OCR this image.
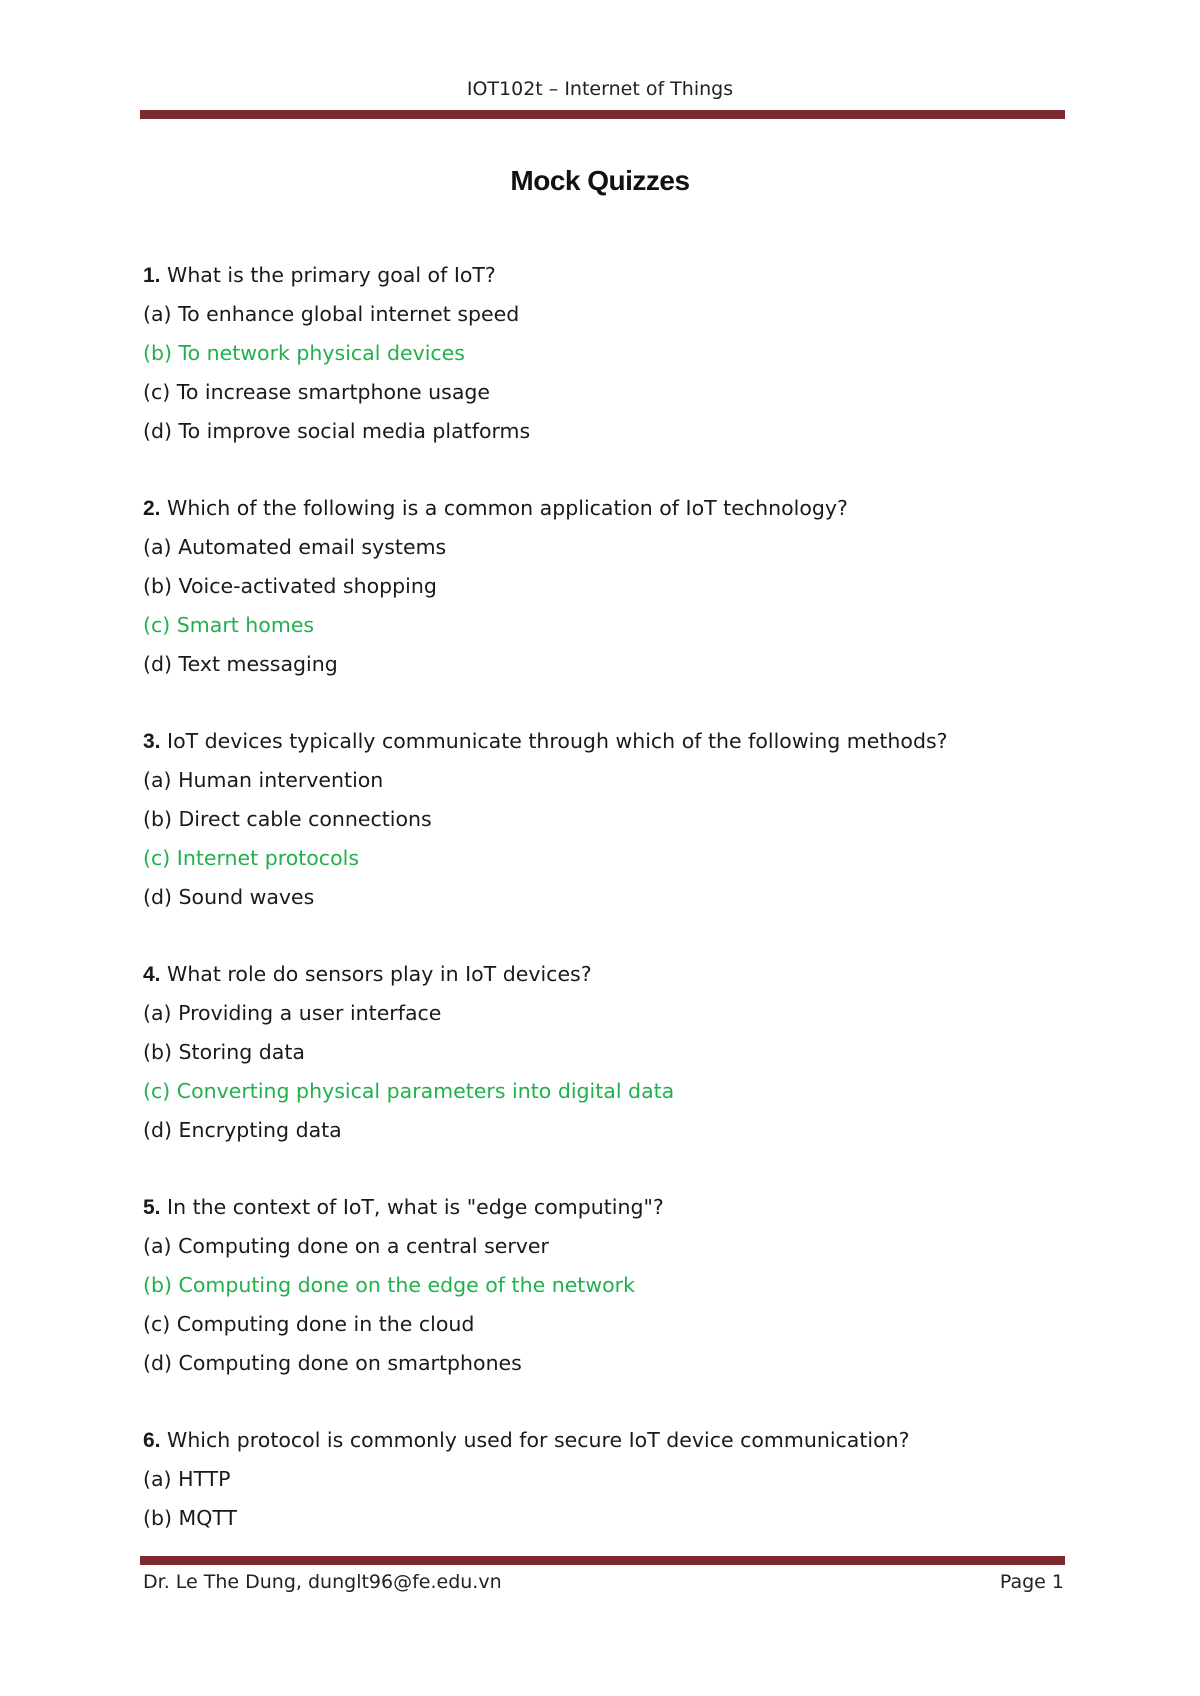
IOT102t – Internet of Things
Mock Quizzes
1. What is the primary goal of IoT?
(a) To enhance global internet speed
(b) To network physical devices
(c) To increase smartphone usage
(d) To improve social media platforms
2. Which of the following is a common application of IoT technology?
(a) Automated email systems
(b) Voice-activated shopping
(c) Smart homes
(d) Text messaging
3. IoT devices typically communicate through which of the following methods?
(a) Human intervention
(b) Direct cable connections
(c) Internet protocols
(d) Sound waves
4. What role do sensors play in IoT devices?
(a) Providing a user interface
(b) Storing data
(c) Converting physical parameters into digital data
(d) Encrypting data
5. In the context of IoT, what is "edge computing"?
(a) Computing done on a central server
(b) Computing done on the edge of the network
(c) Computing done in the cloud
(d) Computing done on smartphones
6. Which protocol is commonly used for secure IoT device communication?
(a) HTTP
(b) MQTT
Dr. Le The Dung, dunglt96@fe.edu.vn	Page 1
